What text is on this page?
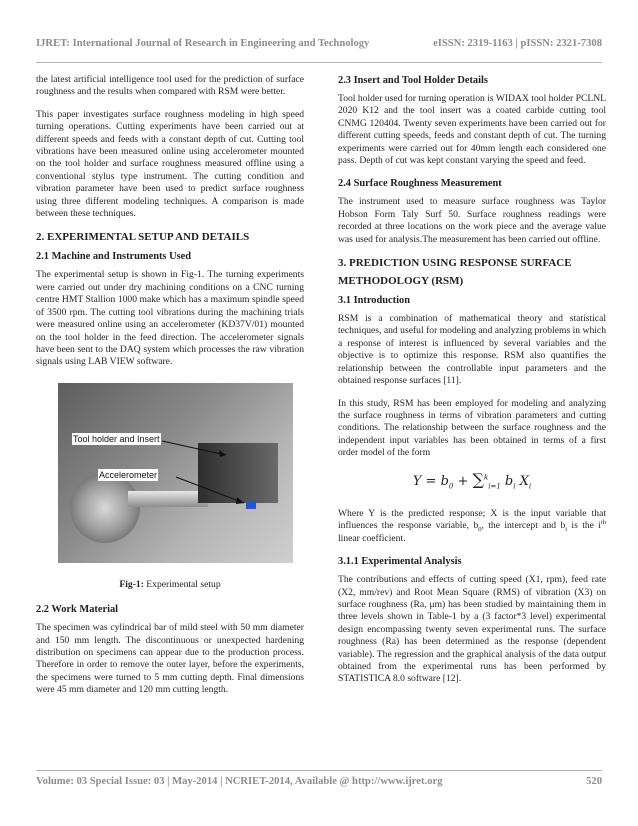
IJRET: International Journal of Research in Engineering and Technology	eISSN: 2319-1163 | pISSN: 2321-7308

the latest artificial intelligence tool used for the prediction of surface roughness and the results when compared with RSM were better.

This paper investigates surface roughness modeling in high speed turning operations. Cutting experiments have been carried out at different speeds and feeds with a constant depth of cut. Cutting tool vibrations have been measured online using accelerometer mounted on the tool holder and surface roughness measured offline using a conventional stylus type instrument. The cutting condition and vibration parameter have been used to predict surface roughness using three different modeling techniques. A comparison is made between these techniques.

2. EXPERIMENTAL SETUP AND DETAILS
2.1 Machine and Instruments Used

The experimental setup is shown in Fig-1. The turning experiments were carried out under dry machining conditions on a CNC turning centre HMT Stallion 1000 make which has a maximum spindle speed of 3500 rpm. The cutting tool vibrations during the machining trials were measured online using an accelerometer (KD37V/01) mounted on the tool holder in the feed direction. The accelerometer signals have been sent to the DAQ system which processes the raw vibration signals using LAB VIEW software.

Tool holder and Insert
Accelerometer
Fig-1: Experimental setup
2.2 Work Material

The specimen was cylindrical bar of mild steel with 50 mm diameter and 150 mm length. The discontinuous or unexpected hardening distribution on specimens can appear due to the production process. Therefore in order to remove the outer layer, before the experiments, the specimens were turned to 5 mm cutting depth. Final dimensions were 45 mm diameter and 120 mm cutting length.

2.3 Insert and Tool Holder Details

Tool holder used for turning operation is WIDAX tool holder PCLNL 2020 K12 and the tool insert was a coated carbide cutting tool CNMG 120404. Twenty seven experiments have been carried out for different cutting speeds, feeds and constant depth of cut. The turning experiments were carried out for 40mm length each considered one pass. Depth of cut was kept constant varying the speed and feed.

2.4 Surface Roughness Measurement

The instrument used to measure surface roughness was Taylor Hobson Form Taly Surf 50. Surface roughness readings were recorded at three locations on the work piece and the average value was used for analysis.The measurement has been carried out offline.

3. PREDICTION USING RESPONSE SURFACE
METHODOLOGY (RSM)
3.1 Introduction

RSM is a combination of mathematical theory and statistical techniques, and useful for modeling and analyzing problems in which a response of interest is influenced by several variables and the objective is to optimize this response. RSM also quantifies the relationship between the controllable input parameters and the obtained response surfaces [11].

In this study, RSM has been employed for modeling and analyzing the surface roughness in terms of vibration parameters and cutting conditions. The relationship between the surface roughness and the independent input variables has been obtained in terms of a first order model of the form

$Y = b_0 + \sum^k_{i=1}$ $b_i$ $X_i$

Where Y is the predicted response; X is the input variable that influences the response variable, $b_0$, the intercept and $b_i$ is the $i^{th}$ linear coefficient.

3.1.1 Experimental Analysis

The contributions and effects of cutting speed (X1, rpm), feed rate (X2, mm/rev) and Root Mean Square (RMS) of vibration (X3) on surface roughness (Ra, μm) has been studied by maintaining them in three levels shown in Table-1 by a (3 factor*3 level) experimental design encompassing twenty seven experimental runs. The surface roughness (Ra) has been determined as the response (dependent variable). The regression and the graphical analysis of the data output obtained from the experimental runs has been performed by STATISTICA 8.0 software [12].

Volume: 03 Special Issue: 03 | May-2014 | NCRIET-2014, Available @ http://www.ijret.org	520
